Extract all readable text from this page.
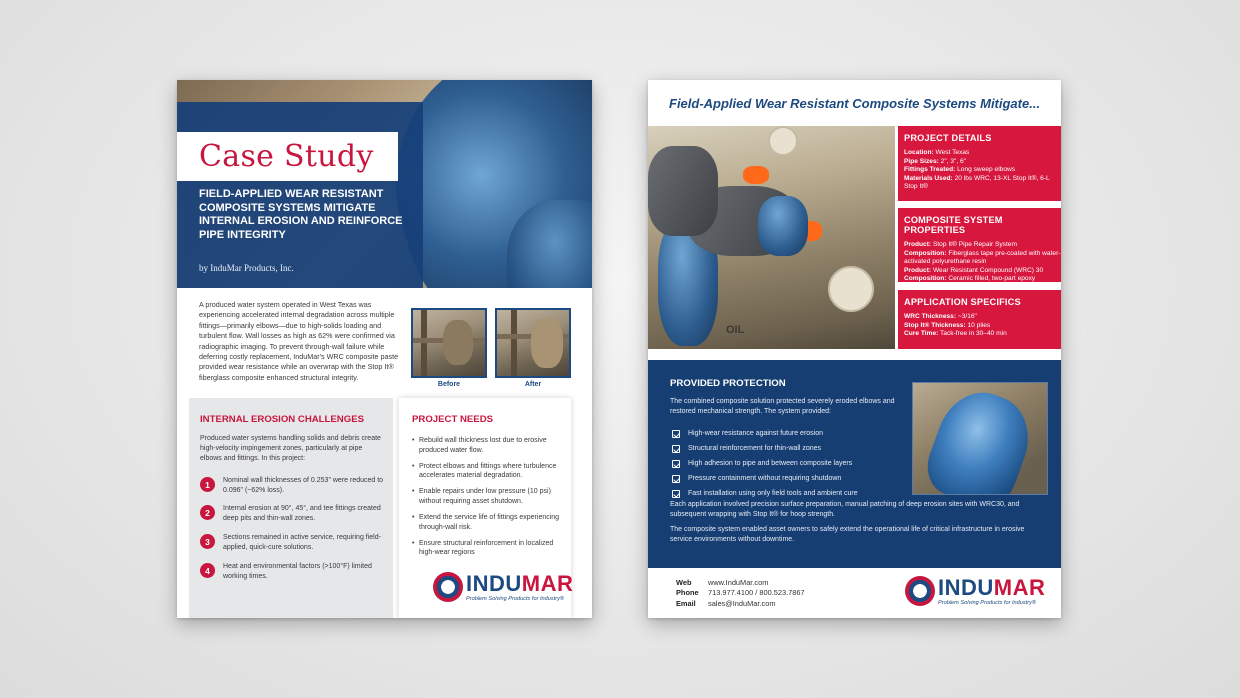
Case Study
FIELD-APPLIED WEAR RESISTANT COMPOSITE SYSTEMS MITIGATE INTERNAL EROSION AND REINFORCE PIPE INTEGRITY
by InduMar Products, Inc.
A produced water system operated in West Texas was experiencing accelerated internal degradation across multiple fittings—primarily elbows—due to high-solids loading and turbulent flow. Wall losses as high as 62% were confirmed via radiographic imaging. To prevent through-wall failure while deferring costly replacement, InduMar's WRC composite paste provided wear resistance while an overwrap with the Stop It® fiberglass composite enhanced structural integrity.
Before	After
INTERNAL EROSION CHALLENGES
Produced water systems handling solids and debris create high-velocity impingement zones, particularly at pipe elbows and fittings. In this project:
1	Nominal wall thicknesses of 0.253" were reduced to 0.096" (~62% loss).
2	Internal erosion at 90°, 45°, and tee fittings created deep pits and thin-wall zones.
3	Sections remained in active service, requiring field-applied, quick-cure solutions.
4	Heat and environmental factors (>100°F) limited working times.
PROJECT NEEDS
• Rebuild wall thickness lost due to erosive produced water flow.
• Protect elbows and fittings where turbulence accelerates material degradation.
• Enable repairs under low pressure (10 psi) without requiring asset shutdown.
• Extend the service life of fittings experiencing through-wall risk.
• Ensure structural reinforcement in localized high-wear regions
INDUMAR
Problem Solving Products for Industry®
Field-Applied Wear Resistant Composite Systems Mitigate...
OIL
PROJECT DETAILS
Location: West Texas
Pipe Sizes: 2", 3", 6"
Fittings Treated: Long sweep elbows
Materials Used: 20 lbs WRC, 13-XL Stop It®, 6-L Stop It®
COMPOSITE SYSTEM PROPERTIES
Product: Stop It® Pipe Repair System
Composition: Fiberglass tape pre-coated with water-activated polyurethane resin
Product: Wear Resistant Compound (WRC) 30
Composition: Ceramic filled, two-part epoxy
APPLICATION SPECIFICS
WRC Thickness: ~3/16"
Stop It® Thickness: 10 plies
Cure Time: Tack-free in 30–40 min
PROVIDED PROTECTION
The combined composite solution protected severely eroded elbows and restored mechanical strength. The system provided:
High-wear resistance against future erosion
Structural reinforcement for thin-wall zones
High adhesion to pipe and between composite layers
Pressure containment without requiring shutdown
Fast installation using only field tools and ambient cure
Each application involved precision surface preparation, manual patching of deep erosion sites with WRC30, and subsequent wrapping with Stop It® for hoop strength.
The composite system enabled asset owners to safely extend the operational life of critical infrastructure in erosive service environments without downtime.
Web	www.InduMar.com
Phone	713.977.4100 / 800.523.7867
Email	sales@InduMar.com
INDUMAR
Problem Solving Products for Industry®
